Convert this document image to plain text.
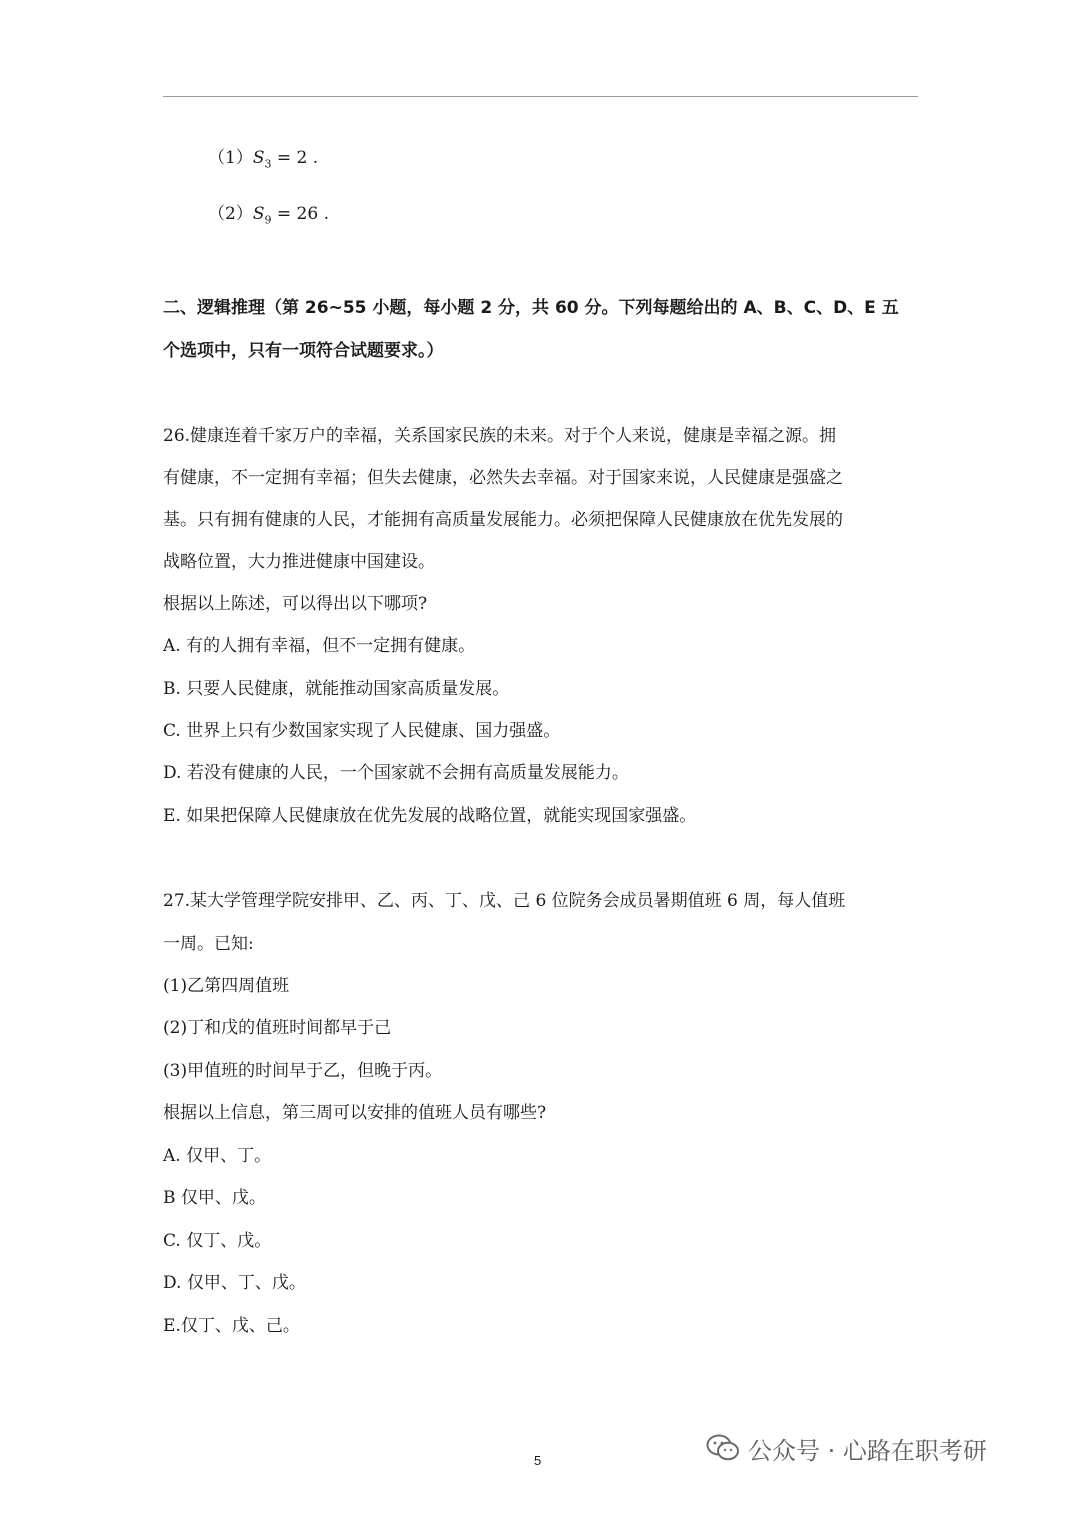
$(1)S_3 = 2$ .
$(2)S_9 = 26$ .
二、逻辑推理（第 26~55 小题，每小题 2 分，共 60 分。下列每题给出的 A、B、C、D、E 五
个选项中，只有一项符合试题要求。）
26.健康连着千家万户的幸福，关系国家民族的未来。对于个人来说，健康是幸福之源。拥
有健康，不一定拥有幸福；但失去健康，必然失去幸福。对于国家来说，人民健康是强盛之
基。只有拥有健康的人民，才能拥有高质量发展能力。必须把保障人民健康放在优先发展的
战略位置，大力推进健康中国建设。
根据以上陈述，可以得出以下哪项?
A. 有的人拥有幸福，但不一定拥有健康。
B. 只要人民健康，就能推动国家高质量发展。
C. 世界上只有少数国家实现了人民健康、国力强盛。
D. 若没有健康的人民，一个国家就不会拥有高质量发展能力。
E. 如果把保障人民健康放在优先发展的战略位置，就能实现国家强盛。
27.某大学管理学院安排甲、乙、丙、丁、戊、己 6 位院务会成员暑期值班 6 周，每人值班
一周。已知:
(1)乙第四周值班
(2)丁和戊的值班时间都早于己
(3)甲值班的时间早于乙，但晚于丙。
根据以上信息，第三周可以安排的值班人员有哪些?
A. 仅甲、丁。
B 仅甲、戊。
C. 仅丁、戊。
D. 仅甲、丁、戊。
E.仅丁、戊、己。
5	公众号 · 心路在职考研
